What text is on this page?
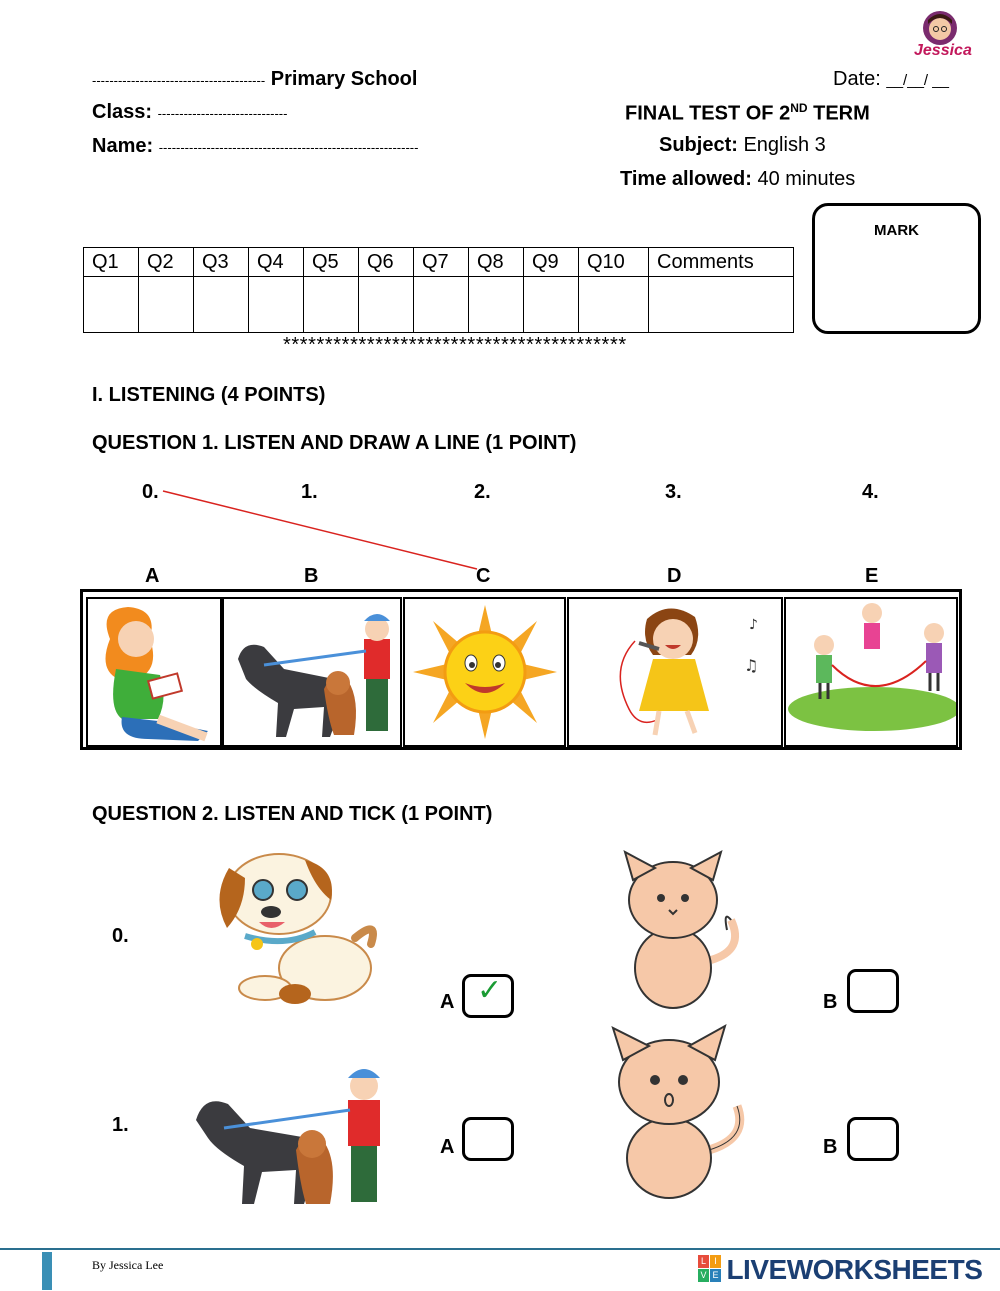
Jessica
---------------------------------------- Primary School
Class: ------------------------------
Name: ------------------------------------------------------------
Date: __/__/ __
FINAL TEST OF 2ND TERM
Subject: English 3
Time allowed: 40 minutes
Q1	Q2	Q3	Q4	Q5	Q6	Q7	Q8	Q9	Q10	Comments

MARK
*****************************************
I. LISTENING (4 POINTS)
QUESTION 1. LISTEN AND DRAW A LINE (1 POINT)
0.	1.	2.	3.	4.
A	B	C	D	E
♪
♫
QUESTION 2. LISTEN AND TICK (1 POINT)
0.
1.
A ✓	B
A	B
By Jessica Lee	L IV E LIVEWORKSHEETS
